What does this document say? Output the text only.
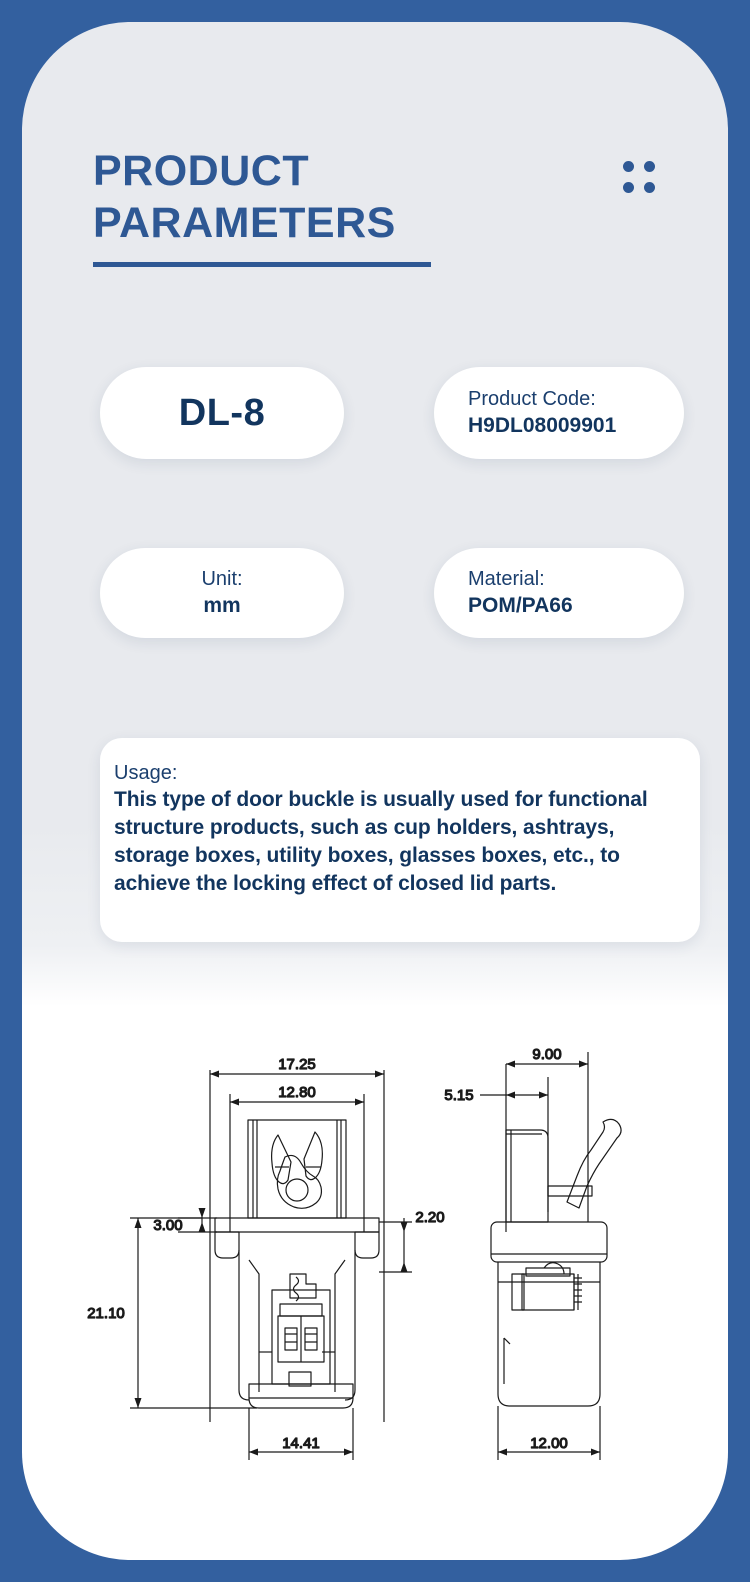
PRODUCT
PARAMETERS
DL-8	Product Code:
H9DL08009901
Unit:
mm
Material:
POM/PA66
Usage:
This type of door buckle is usually used for functional structure products, such as cup holders, ashtrays, storage boxes, utility boxes, glasses boxes, etc., to achieve the locking effect of closed lid parts.
17.25
12.80
3.00
21.10
2.20
14.41
9.00
5.15
12.00
